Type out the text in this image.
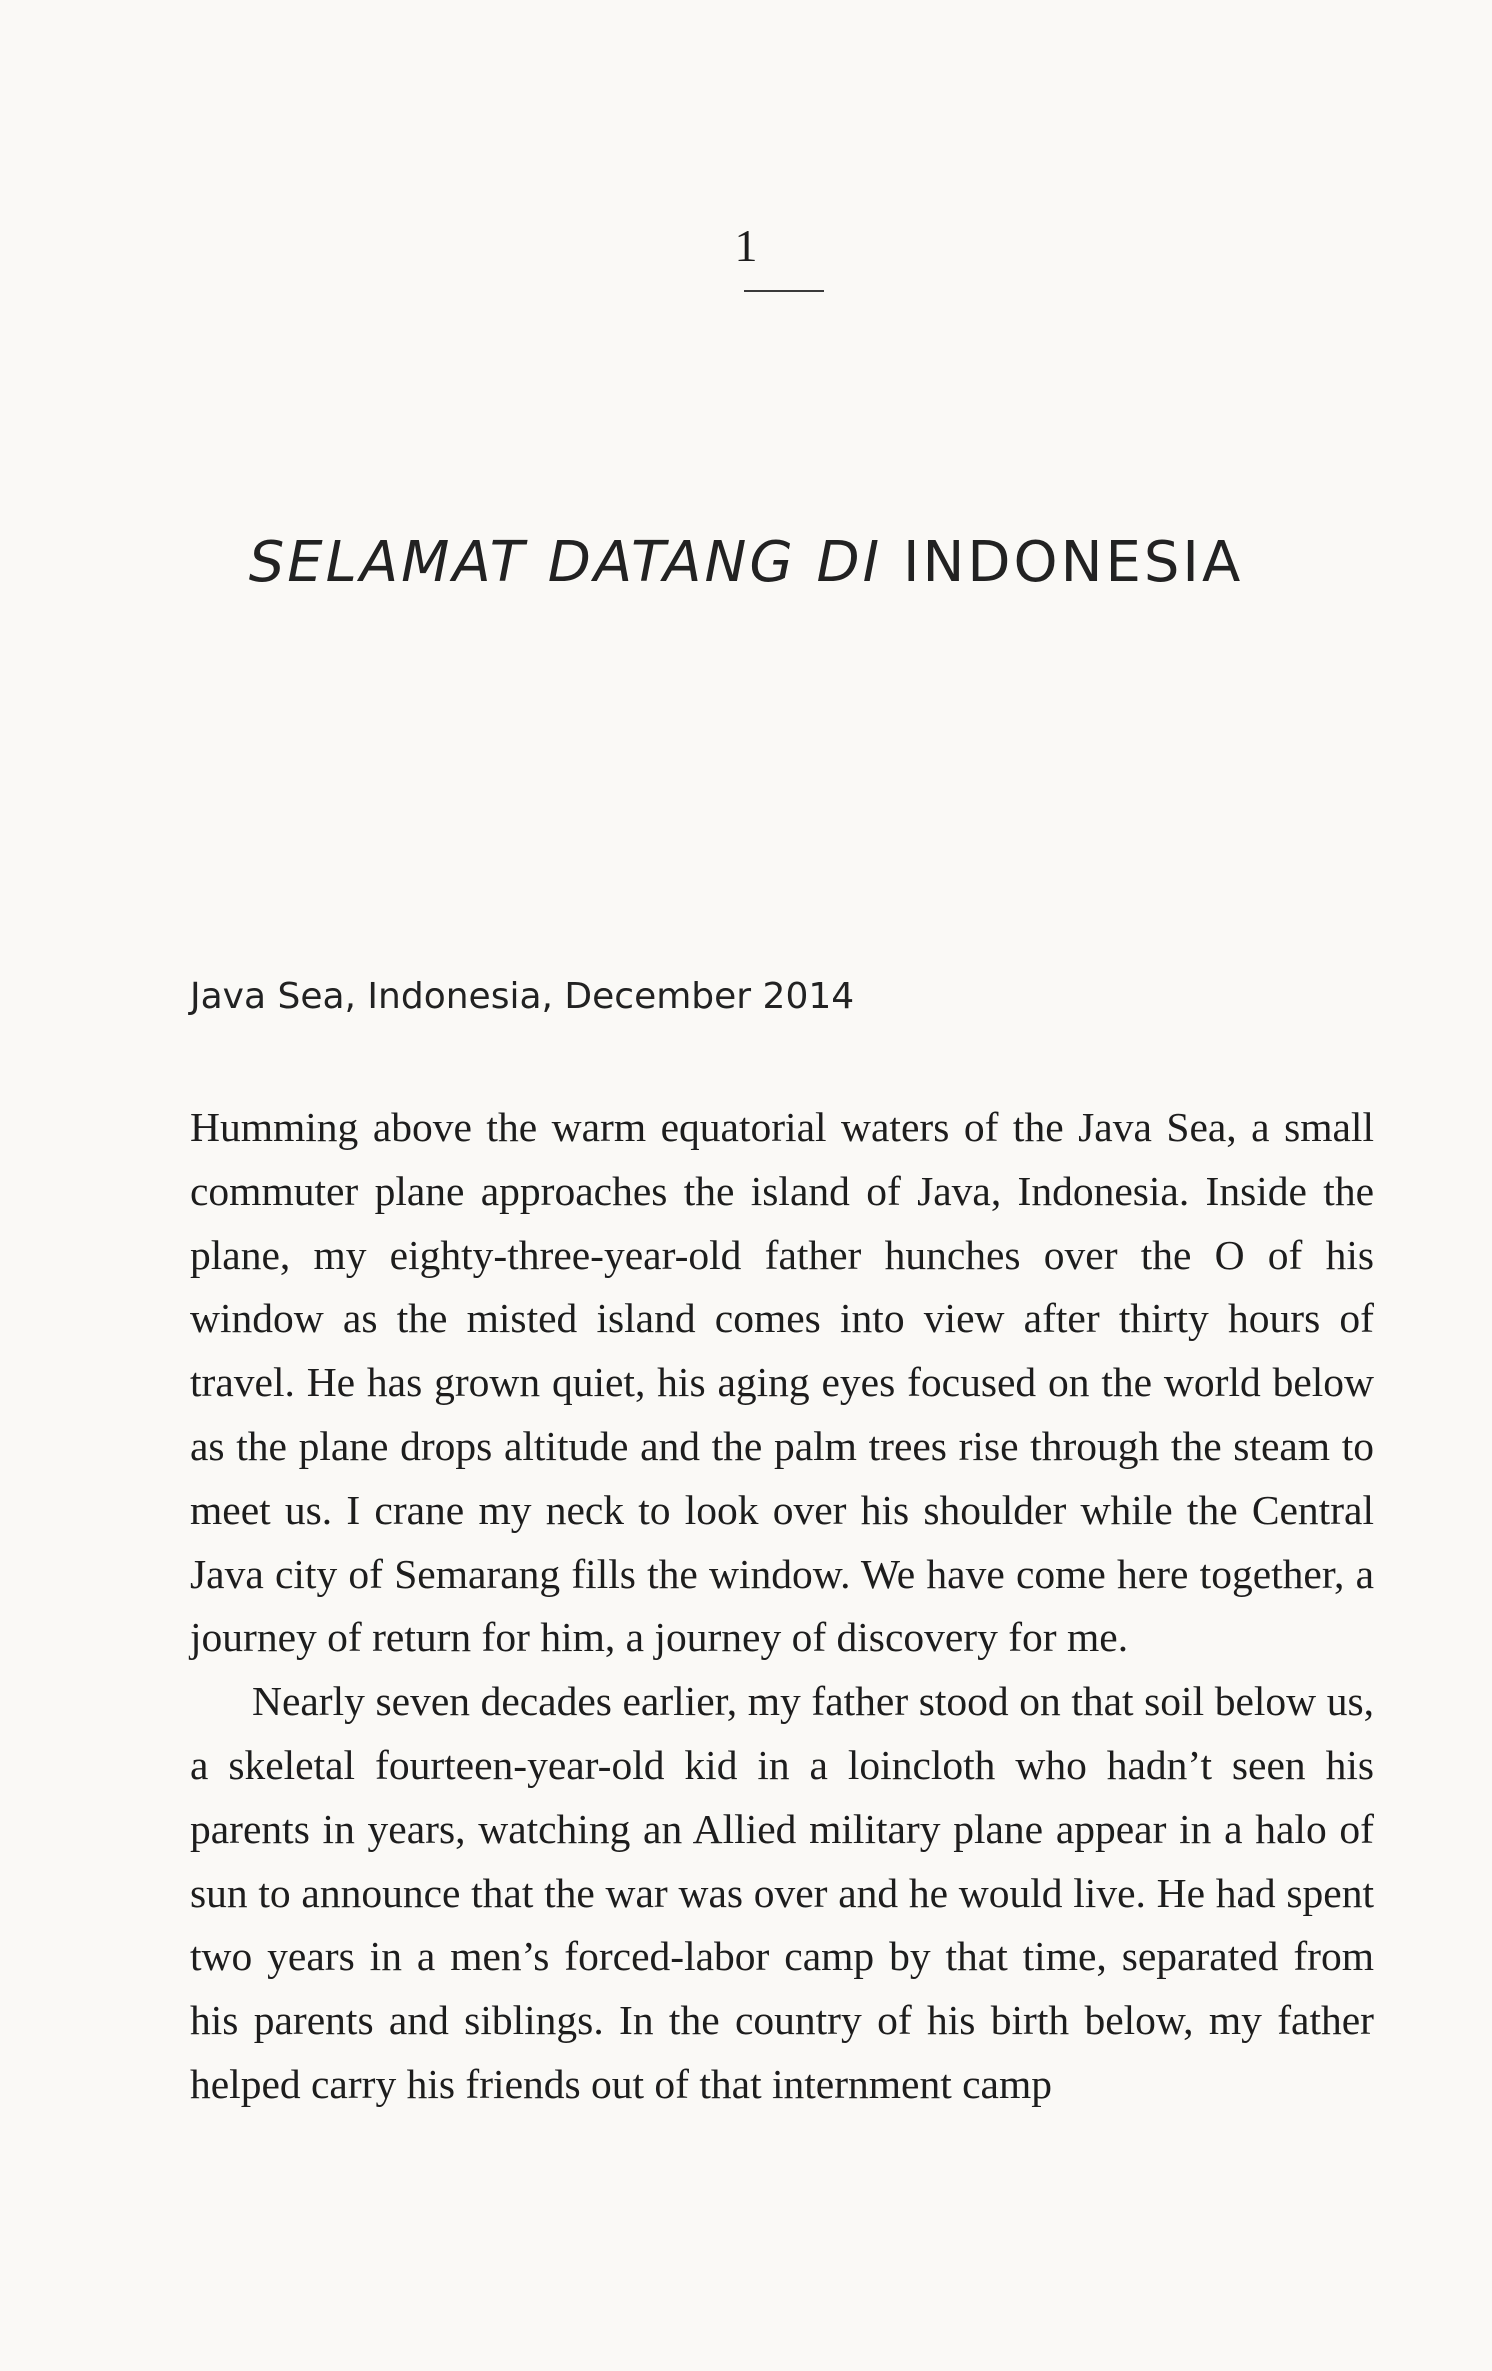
1
SELAMAT DATANG DI INDONESIA

Java Sea, Indonesia, December 2014

Humming above the warm equatorial waters of the Java Sea, a small commuter plane approaches the island of Java, Indonesia. Inside the plane, my eighty-three-year-old father hunches over the O of his window as the misted island comes into view after thirty hours of travel. He has grown quiet, his aging eyes focused on the world below as the plane drops altitude and the palm trees rise through the steam to meet us. I crane my neck to look over his shoulder while the Central Java city of Semarang fills the window. We have come here together, a journey of return for him, a journey of discovery for me.

Nearly seven decades earlier, my father stood on that soil below us, a skeletal fourteen-year-old kid in a loincloth who hadn’t seen his parents in years, watching an Allied military plane appear in a halo of sun to announce that the war was over and he would live. He had spent two years in a men’s forced-labor camp by that time, separated from his parents and siblings. In the country of his birth below, my father helped carry his friends out of that internment camp
